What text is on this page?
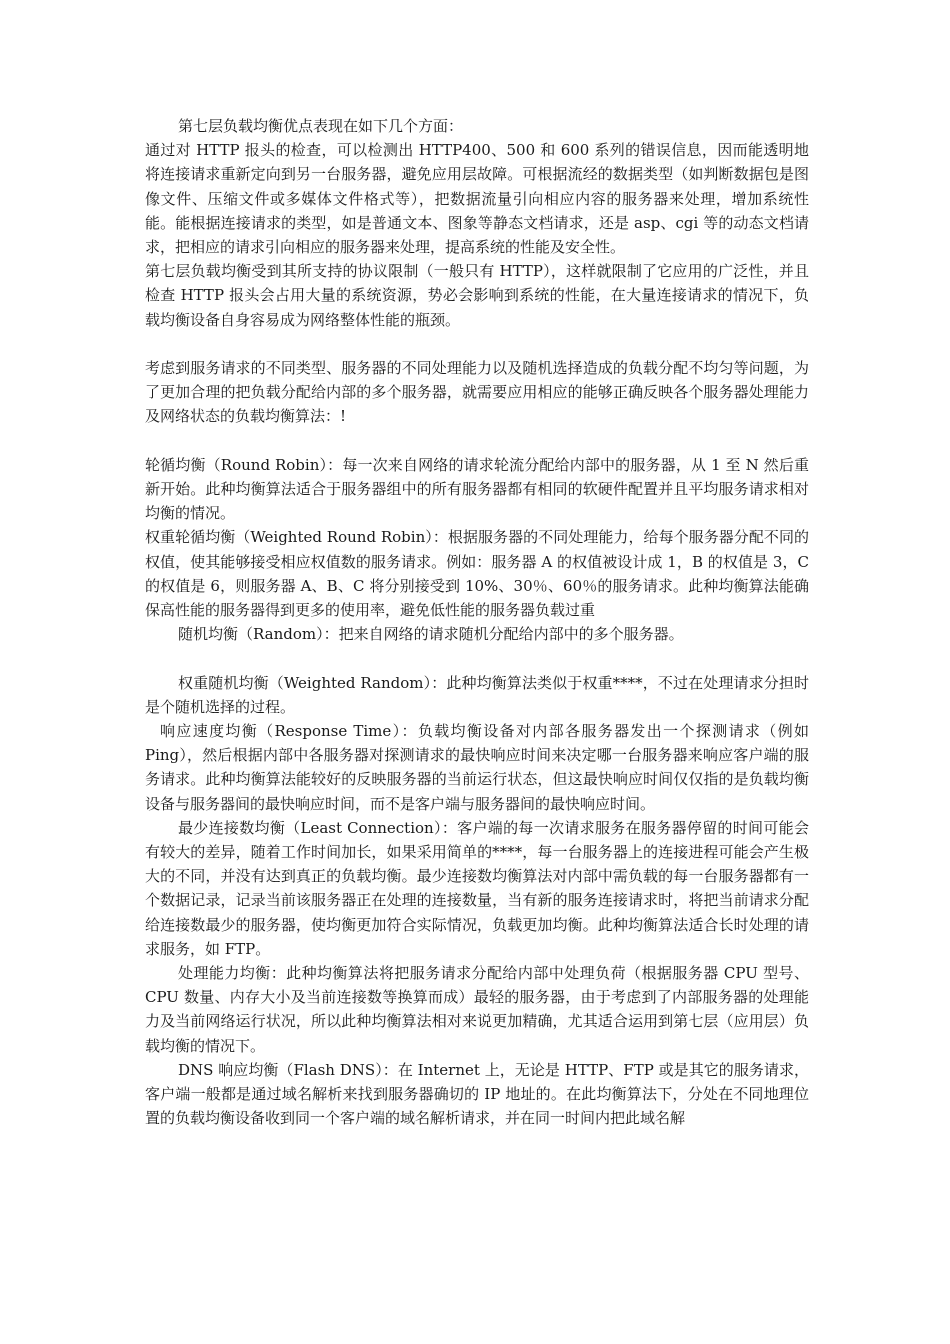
第七层负载均衡优点表现在如下几个方面：

通过对 HTTP 报头的检查，可以检测出 HTTP400、500 和 600 系列的错误信息，因而能透明地将连接请求重新定向到另一台服务器，避免应用层故障。可根据流经的数据类型（如判断数据包是图像文件、压缩文件或多媒体文件格式等），把数据流量引向相应内容的服务器来处理，增加系统性能。能根据连接请求的类型，如是普通文本、图象等静态文档请求，还是 asp、cgi 等的动态文档请求，把相应的请求引向相应的服务器来处理，提高系统的性能及安全性。

第七层负载均衡受到其所支持的协议限制（一般只有 HTTP），这样就限制了它应用的广泛性，并且检查 HTTP 报头会占用大量的系统资源，势必会影响到系统的性能，在大量连接请求的情况下，负载均衡设备自身容易成为网络整体性能的瓶颈。

考虑到服务请求的不同类型、服务器的不同处理能力以及随机选择造成的负载分配不均匀等问题，为了更加合理的把负载分配给内部的多个服务器，就需要应用相应的能够正确反映各个服务器处理能力及网络状态的负载均衡算法：!

轮循均衡（Round Robin）：每一次来自网络的请求轮流分配给内部中的服务器，从 1 至 N 然后重新开始。此种均衡算法适合于服务器组中的所有服务器都有相同的软硬件配置并且平均服务请求相对均衡的情况。

权重轮循均衡（Weighted Round Robin）：根据服务器的不同处理能力，给每个服务器分配不同的权值，使其能够接受相应权值数的服务请求。例如：服务器 A 的权值被设计成 1，B 的权值是 3，C 的权值是 6，则服务器 A、B、C 将分别接受到 10%、30％、60％的服务请求。此种均衡算法能确保高性能的服务器得到更多的使用率，避免低性能的服务器负载过重

随机均衡（Random）：把来自网络的请求随机分配给内部中的多个服务器。

权重随机均衡（Weighted Random）：此种均衡算法类似于权重****，不过在处理请求分担时是个随机选择的过程。

响应速度均衡（Response Time）：负载均衡设备对内部各服务器发出一个探测请求（例如 Ping），然后根据内部中各服务器对探测请求的最快响应时间来决定哪一台服务器来响应客户端的服务请求。此种均衡算法能较好的反映服务器的当前运行状态，但这最快响应时间仅仅指的是负载均衡设备与服务器间的最快响应时间，而不是客户端与服务器间的最快响应时间。

最少连接数均衡（Least Connection）：客户端的每一次请求服务在服务器停留的时间可能会有较大的差异，随着工作时间加长，如果采用简单的****，每一台服务器上的连接进程可能会产生极大的不同，并没有达到真正的负载均衡。最少连接数均衡算法对内部中需负载的每一台服务器都有一个数据记录，记录当前该服务器正在处理的连接数量，当有新的服务连接请求时，将把当前请求分配给连接数最少的服务器，使均衡更加符合实际情况，负载更加均衡。此种均衡算法适合长时处理的请求服务，如 FTP。

处理能力均衡：此种均衡算法将把服务请求分配给内部中处理负荷（根据服务器 CPU 型号、CPU 数量、内存大小及当前连接数等换算而成）最轻的服务器，由于考虑到了内部服务器的处理能力及当前网络运行状况，所以此种均衡算法相对来说更加精确，尤其适合运用到第七层（应用层）负载均衡的情况下。

DNS 响应均衡（Flash DNS）：在 Internet 上，无论是 HTTP、FTP 或是其它的服务请求，客户端一般都是通过域名解析来找到服务器确切的 IP 地址的。在此均衡算法下，分处在不同地理位置的负载均衡设备收到同一个客户端的域名解析请求，并在同一时间内把此域名解
